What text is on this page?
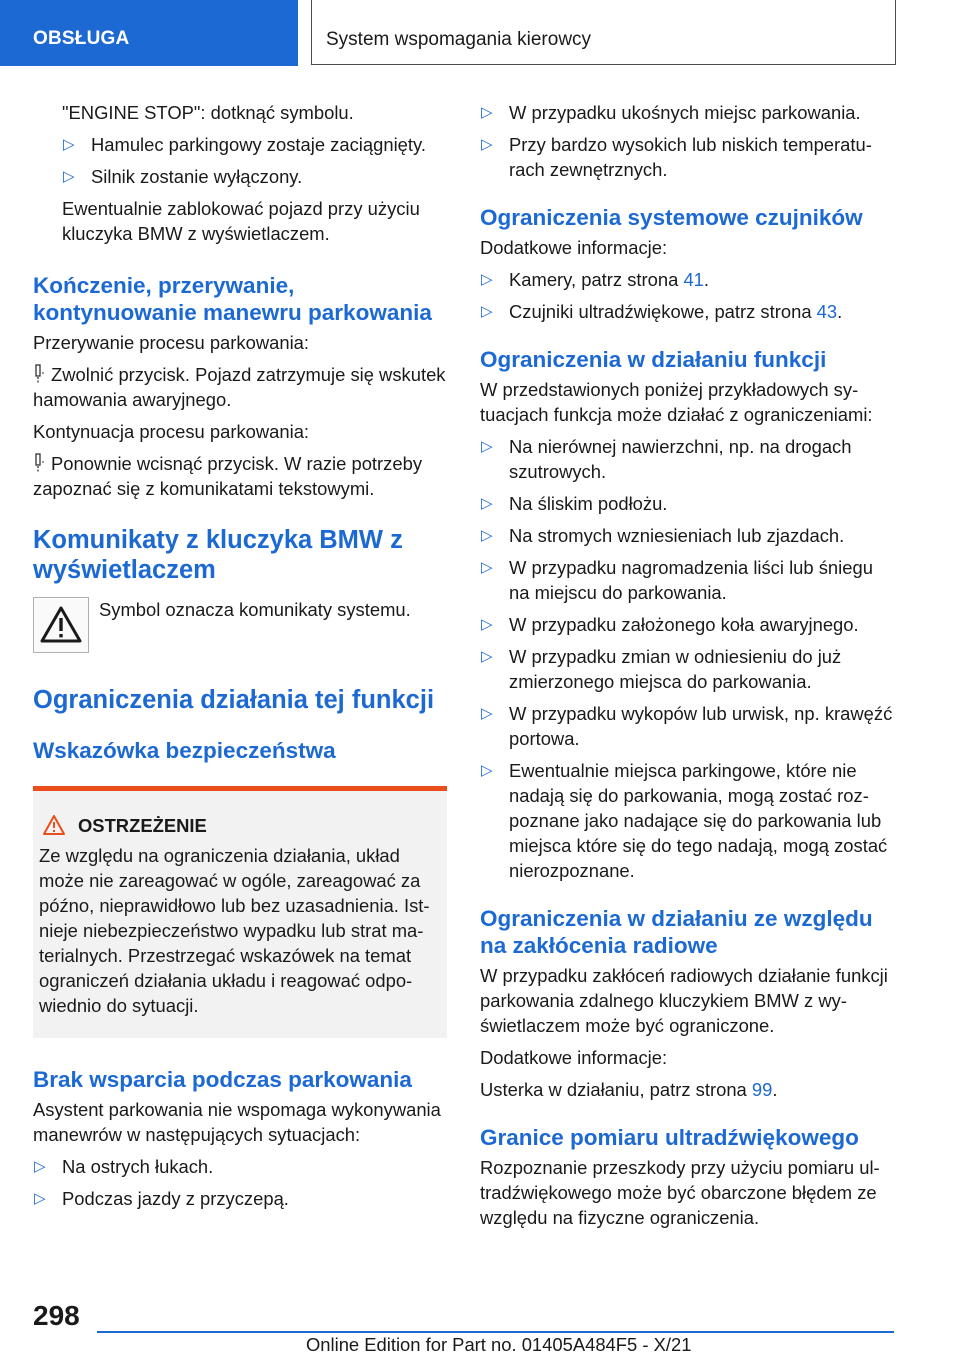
OBSŁUGA	System wspomagania kierowcy

"ENGINE STOP": dotknąć symbolu.

▷ Hamulec parkingowy zostaje zaciągnięty.
▷ Silnik zostanie wyłączony.

Ewentualnie zablokować pojazd przy użyciu kluczyka BMW z wyświetlaczem.

Kończenie, przerywanie, kontynuowanie manewru parkowania

Przerywanie procesu parkowania:

Zwolnić przycisk. Pojazd zatrzymuje się wskutek hamowania awaryjnego.

Kontynuacja procesu parkowania:

Ponownie wcisnąć przycisk. W razie potrzeby zapoznać się z komunikatami tekstowymi.

Komunikaty z kluczyka BMW z wyświetlaczem

Symbol oznacza komunikaty systemu.

Ograniczenia działania tej funkcji
Wskazówka bezpieczeństwa
OSTRZEŻENIE

Ze względu na ograniczenia działania, układ może nie zareagować w ogóle, zareagować za późno, nieprawidłowo lub bez uzasadnienia. Istnieje niebezpieczeństwo wypadku lub strat materialnych. Przestrzegać wskazówek na temat ograniczeń działania układu i reagować odpowiednio do sytuacji.

Brak wsparcia podczas parkowania

Asystent parkowania nie wspomaga wykonywania manewrów w następujących sytuacjach:

▷ Na ostrych łukach.
▷ Podczas jazdy z przyczepą.
▷ W przypadku ukośnych miejsc parkowania.
▷ Przy bardzo wysokich lub niskich temperaturach zewnętrznych.
Ograniczenia systemowe czujników

Dodatkowe informacje:

▷ Kamery, patrz strona 41.
▷ Czujniki ultradźwiękowe, patrz strona 43.
Ograniczenia w działaniu funkcji

W przedstawionych poniżej przykładowych sytuacjach funkcja może działać z ograniczeniami:

▷ Na nierównej nawierzchni, np. na drogach szutrowych.
▷ Na śliskim podłożu.
▷ Na stromych wzniesieniach lub zjazdach.
▷ W przypadku nagromadzenia liści lub śniegu na miejscu do parkowania.
▷ W przypadku założonego koła awaryjnego.
▷ W przypadku zmian w odniesieniu do już zmierzonego miejsca do parkowania.
▷ W przypadku wykopów lub urwisk, np. krawęźć portowa.
▷ Ewentualnie miejsca parkingowe, które nie nadają się do parkowania, mogą zostać rozpoznane jako nadające się do parkowania lub miejsca które się do tego nadają, mogą zostać nierozpoznane.
Ograniczenia w działaniu ze względu na zakłócenia radiowe

W przypadku zakłóceń radiowych działanie funkcji parkowania zdalnego kluczykiem BMW z wyświetlaczem może być ograniczone.

Dodatkowe informacje:

Usterka w działaniu, patrz strona 99.

Granice pomiaru ultradźwiękowego

Rozpoznanie przeszkody przy użyciu pomiaru ultradźwiękowego może być obarczone błędem ze względu na fizyczne ograniczenia.

298
Online Edition for Part no. 01405A484F5 - X/21
